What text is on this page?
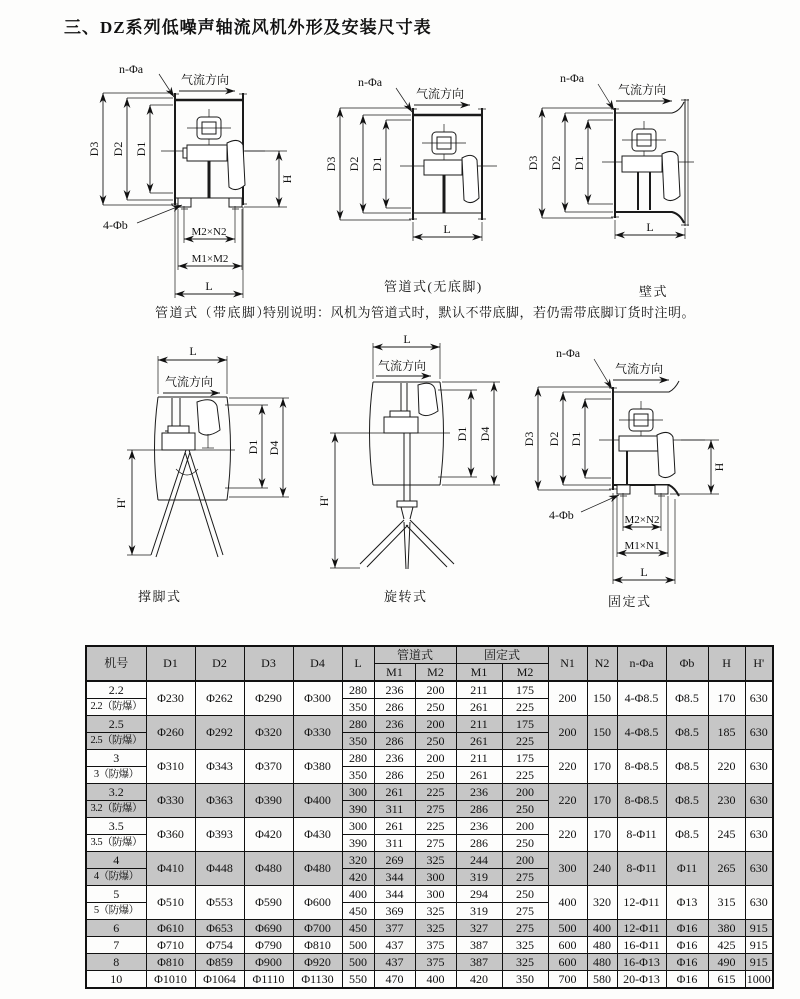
三、DZ系列低噪声轴流风机外形及安装尺寸表
D3 D2 D1
H
n-Φa
气流方向
4-Φb	M2×N2
M1×M2
L
D3 D2 D1
n-Φa
气流方向
L
D3 D2 D1
n-Φa
气流方向
L
L
气流方向
D1 D4
H'
L
气流方向
D1 D4
H'
D3 D2 D1
n-Φa
气流方向
H
4-Φb	M2×N2
M1×N1
L
管道式（带底脚）
特别说明：风机为管道式时，默认不带底脚，若仍需带底脚订货时注明。
管道式(无底脚)	壁式
撑脚式	旋转式	固定式
机号	D1	D2	D3	D4	L	管道式		固定式		N1	N2	n-Φa	Φb	H	H'
						M1	M2	M1	M2						
2.2	Φ230	Φ262	Φ290	Φ300	280	236	200	211	175	200	150	4-Φ8.5	Φ8.5	170	630
2.2（防爆）					350	286	250	261	225						
2.5	Φ260	Φ292	Φ320	Φ330	280	236	200	211	175	200	150	4-Φ8.5	Φ8.5	185	630
2.5（防爆）					350	286	250	261	225						
3	Φ310	Φ343	Φ370	Φ380	280	236	200	211	175	220	170	8-Φ8.5	Φ8.5	220	630
3（防爆）					350	286	250	261	225						
3.2	Φ330	Φ363	Φ390	Φ400	300	261	225	236	200	220	170	8-Φ8.5	Φ8.5	230	630
3.2（防爆）					390	311	275	286	250						
3.5	Φ360	Φ393	Φ420	Φ430	300	261	225	236	200	220	170	8-Φ11	Φ8.5	245	630
3.5（防爆）					390	311	275	286	250						
4	Φ410	Φ448	Φ480	Φ480	320	269	325	244	200	300	240	8-Φ11	Φ11	265	630
4（防爆）					420	344	300	319	275						
5	Φ510	Φ553	Φ590	Φ600	400	344	300	294	250	400	320	12-Φ11	Φ13	315	630
5（防爆）					450	369	325	319	275						
6	Φ610	Φ653	Φ690	Φ700	450	377	325	327	275	500	400	12-Φ11	Φ16	380	915
7	Φ710	Φ754	Φ790	Φ810	500	437	375	387	325	600	480	16-Φ11	Φ16	425	915
8	Φ810	Φ859	Φ900	Φ920	500	437	375	387	325	600	480	16-Φ13	Φ16	490	915
10	Φ1010	Φ1064	Φ1110	Φ1130	550	470	400	420	350	700	580	20-Φ13	Φ16	615	1000
